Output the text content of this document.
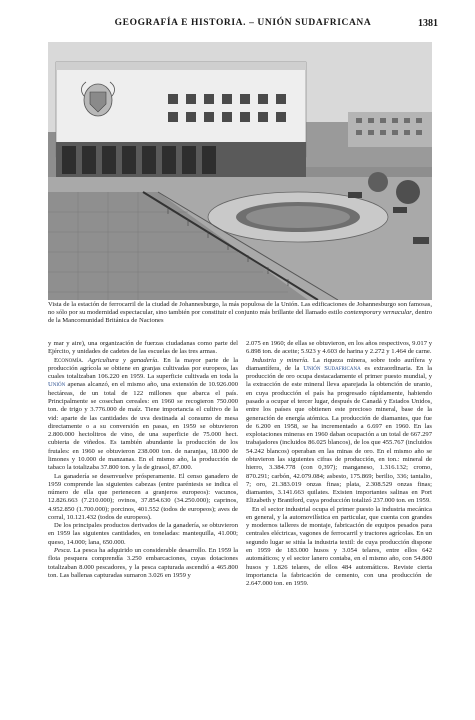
GEOGRAFÍA E HISTORIA. – UNIÓN SUDAFRICANA	1381
Vista de la estación de ferrocarril de la ciudad de Johannesburgo, la más populosa de la Unión. Las edificaciones de Johannesburgo son famosas, no sólo por su modernidad espectacular, sino también por constituir el conjunto más brillante del llamado estilo contemporary vernacular, dentro de la Mancomunidad Británica de Naciones

y mar y aire), una organización de fuerzas ciudadanas como parte del Ejército, y unidades de cadetes de las escuelas de las tres armas.

Economía. Agricultura y ganadería. En la mayor parte de la producción agrícola se obtiene en granjas cultivadas por europeos, las cuales totalizaban 106.220 en 1959. La superficie cultivada en toda la Unión apenas alcanzó, en el mismo año, una extensión de 10.926.000 hectáreas, de un total de 122 millones que abarca el país. Principalmente se cosechan cereales: en 1960 se recogieron 750.000 ton. de trigo y 3.776.000 de maíz. Tiene importancia el cultivo de la vid: aparte de las cantidades de uva destinada al consumo de mesa directamente o a su conversión en pasas, en 1959 se obtuvieron 2.800.000 hectolitros de vino, de una superficie de 75.000 hect. cubierta de viñedos. Es también abundante la producción de los frutales: en 1960 se obtuvieron 238.000 ton. de naranjas, 18.000 de limones y 10.000 de manzanas. En el mismo año, la producción de tabaco la totalizaba 37.800 ton. y la de girasol, 87.000.

La ganadería se desenvuelve prósperamente. El censo ganadero de 1959 comprende las siguientes cabezas (entre paréntesis se indica el número de ella que pertenecen a granjeros europeos): vacunos, 12.826.663 (7.210.000); ovinos, 37.854.630 (34.250.000); caprinos, 4.952.850 (1.700.000); porcinos, 401.552 (todos de europeos); aves de corral, 10.121.432 (todos de europeos).

De los principales productos derivados de la ganadería, se obtuvieron en 1959 las siguientes cantidades, en toneladas: mantequilla, 41.000; queso, 14.000; lana, 650.000.

Pesca. La pesca ha adquirido un considerable desarrollo. En 1959 la flota pesquera comprendía 3.250 embarcaciones, cuyas dotaciones totalizaban 8.000 pescadores, y la pesca capturada ascendió a 465.800 ton. Las ballenas capturadas sumaron 3.026 en 1959 y

2.075 en 1960; de ellas se obtuvieron, en los años respectivos, 9.017 y 6.898 ton. de aceite; 5.923 y 4.603 de harina y 2.272 y 1.464 de carne.

Industria y minería. La riqueza minera, sobre todo aurífera y diamantífera, de la Unión Sudafricana es extraordinaria. En la producción de oro ocupa destacadamente el primer puesto mundial, y la extracción de este mineral lleva aparejada la obtención de uranio, en cuya producción el país ha progresado rápidamente, habiendo pasado a ocupar el tercer lugar, después de Canadá y Estados Unidos, entre los países que obtienen este precioso mineral, base de la generación de energía atómica. La producción de diamantes, que fue de 6.200 en 1958, se ha incrementado a 6.697 en 1960. En las explotaciones mineras en 1960 daban ocupación a un total de 667.297 trabajadores (incluidos 86.025 blancos), de los que 455.767 (incluidos 54.242 blancos) operaban en las minas de oro. En el mismo año se obtuvieron las siguientes cifras de producción, en ton.: mineral de hierro, 3.384.778 (con 0,397); manganeso, 1.316.132; cromo, 870.291; carbón, 42.079.084; asbesto, 175.869; berilio, 336; tantalio, 7; oro, 21.383.019 onzas finas; plata, 2.308.529 onzas finas; diamantes, 3.141.663 quilates. Existen importantes salinas en Port Elizabeth y Brantford, cuya producción totalizó 237.000 ton. en 1959.

En el sector industrial ocupa el primer puesto la industria mecánica en general, y la automovilística en particular, que cuenta con grandes y modernos talleres de montaje, fabricación de equipos pesados para centrales eléctricas, vagones de ferrocarril y tractores agrícolas. En un segundo lugar se sitúa la industria textil: de cuya producción dispone en 1959 de 183.000 husos y 3.054 telares, entre ellos 642 automáticos; y el sector lanero contaba, en el mismo año, con 54.800 husos y 1.826 telares, de ellos 484 automáticos. Reviste cierta importancia la fabricación de cemento, con una producción de 2.647.000 ton. en 1959.
